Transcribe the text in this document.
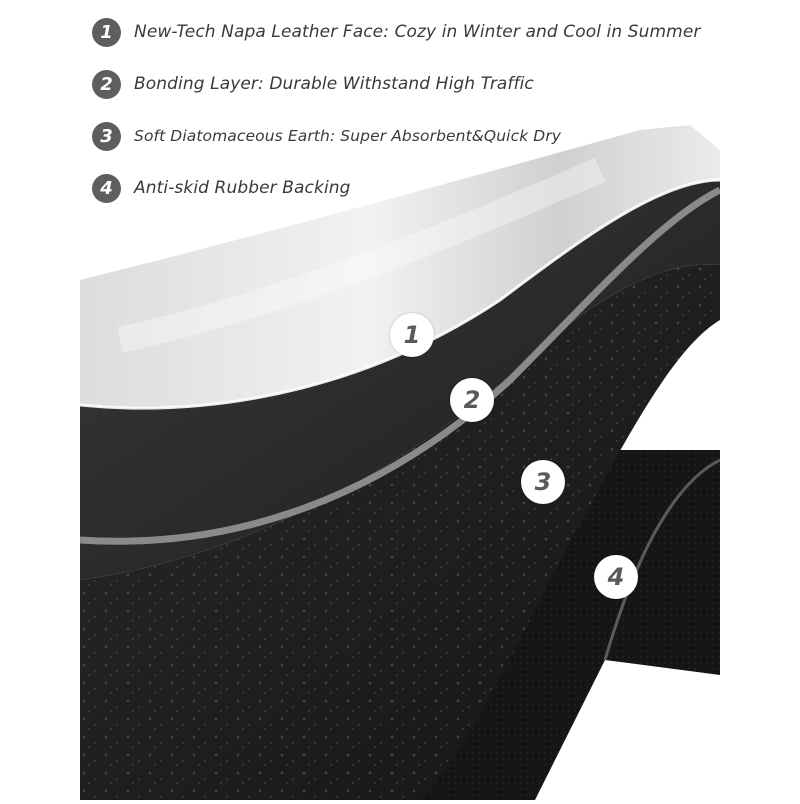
1	New-Tech Napa Leather Face: Cozy in Winter and Cool in Summer
2	Bonding Layer: Durable Withstand High Traffic
3	Soft Diatomaceous Earth: Super Absorbent&Quick Dry
4	Anti-skid Rubber Backing
1
2
3
4
